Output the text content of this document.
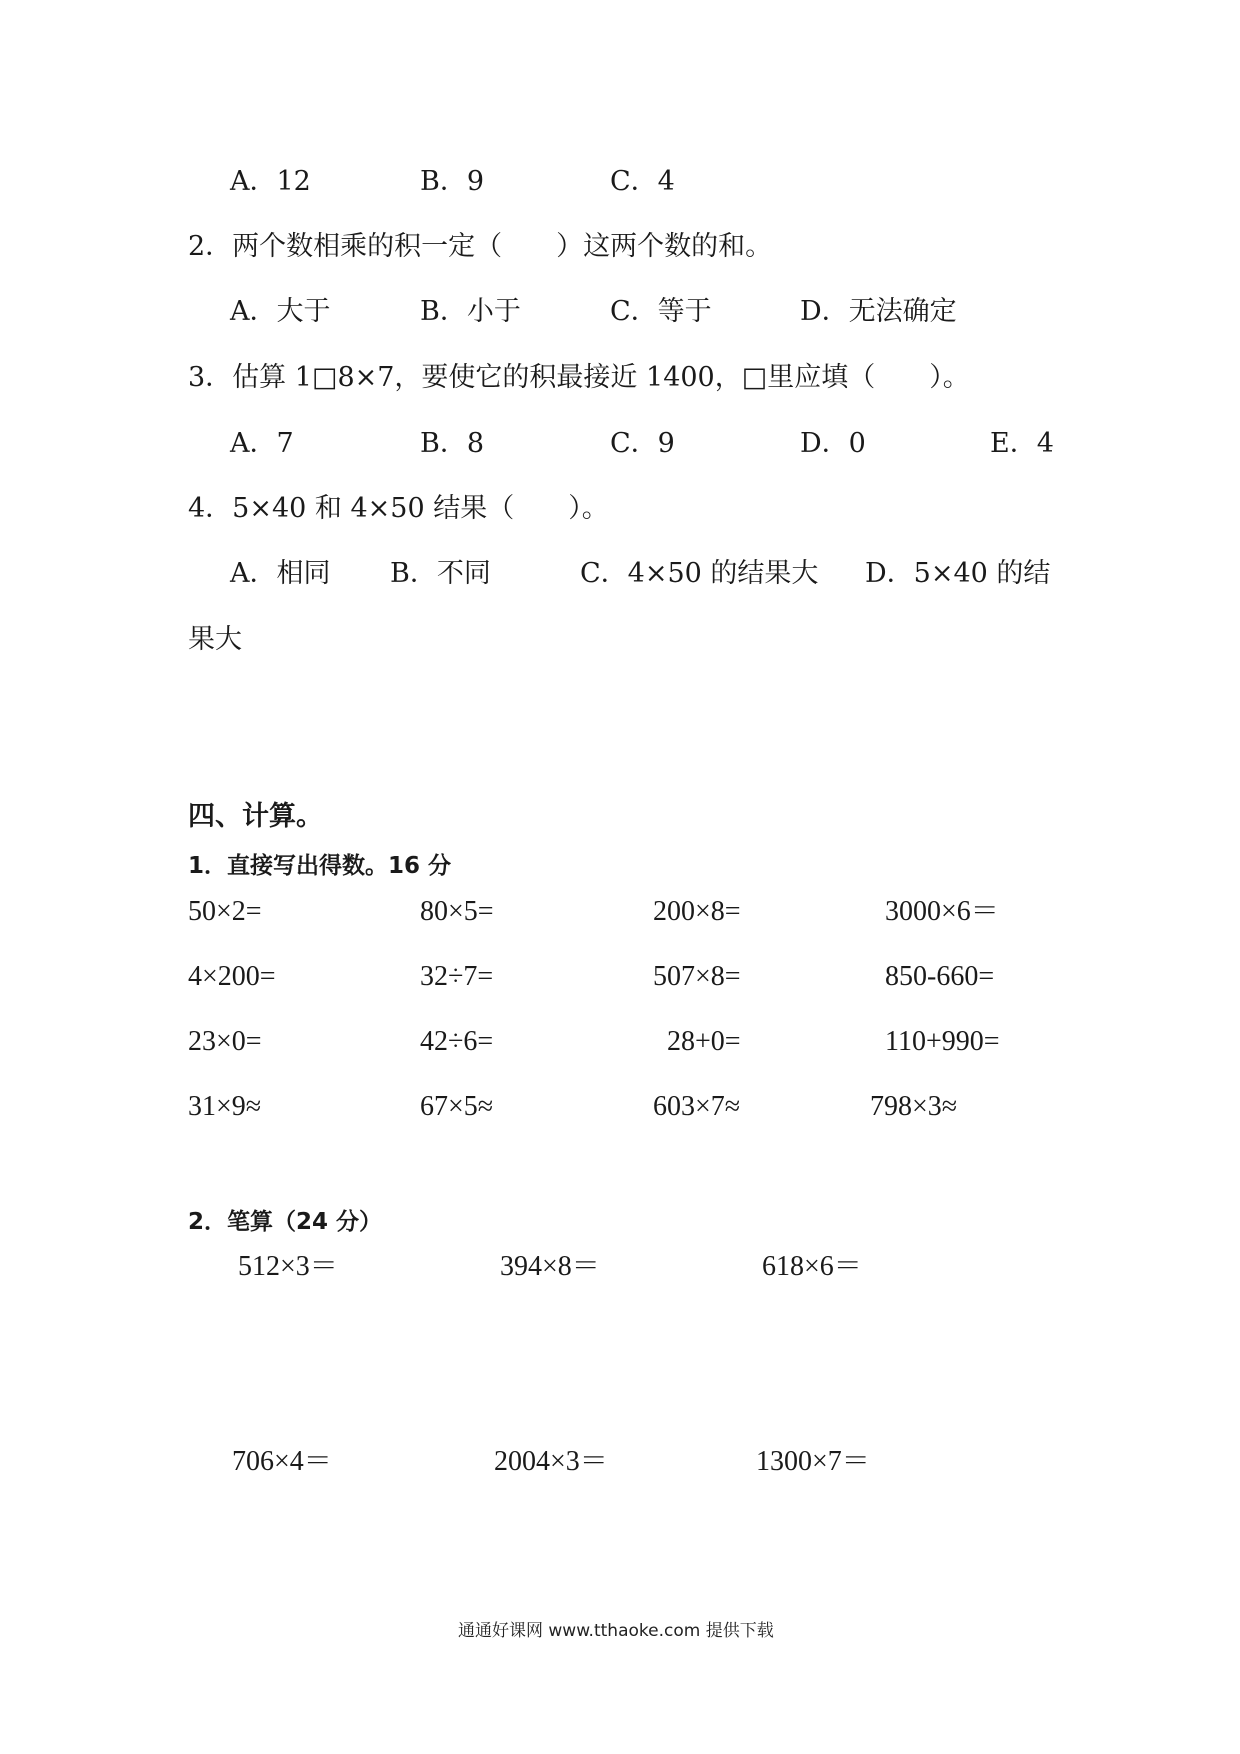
A．12	B．9	C．4
2．两个数相乘的积一定（　　）这两个数的和。
A．大于	B．小于	C．等于	D．无法确定
3．估算 1□8×7，要使它的积最接近 1400，□里应填（　　）。
A．7	B．8	C．9	D．0	E．4
4．5×40 和 4×50 结果（　　）。
A．相同 B．不同	C．4×50 的结果大 D．5×40 的结
果大
四、计算。
1．直接写出得数。16 分
50×2=	80×5=	200×8=	3000×6＝
4×200=	32÷7=	507×8=	850-660=
23×0=	42÷6=	28+0=	110+990=
31×9≈	67×5≈	603×7≈	798×3≈
2．笔算（24 分）
512×3＝	394×8＝	618×6＝
706×4＝	2004×3＝	1300×7＝
通通好课网 www.tthaoke.com 提供下载
